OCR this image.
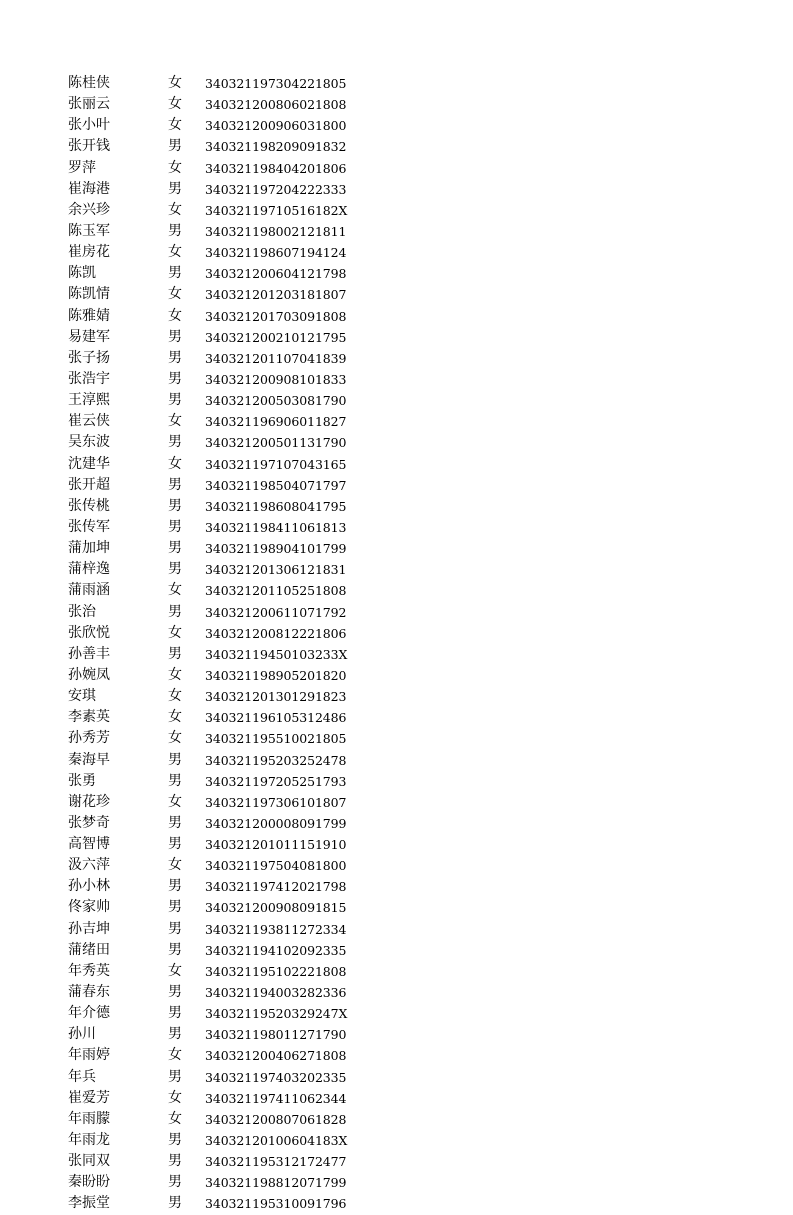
陈桂侠	女 340321197304221805
张丽云	女 340321200806021808
张小叶	女 340321200906031800
张开钱	男 340321198209091832
罗萍	女 340321198404201806
崔海港	男 340321197204222333
余兴珍	女 34032119710516182X
陈玉军	男 340321198002121811
崔房花	女 340321198607194124
陈凯	男 340321200604121798
陈凯情	女 340321201203181807
陈雅婧	女 340321201703091808
易建军	男 340321200210121795
张子扬	男 340321201107041839
张浩宇	男 340321200908101833
王淳熙	男 340321200503081790
崔云侠	女 340321196906011827
吴东波	男 340321200501131790
沈建华	女 340321197107043165
张开超	男 340321198504071797
张传桃	男 340321198608041795
张传军	男 340321198411061813
蒲加坤	男 340321198904101799
蒲梓逸	男 340321201306121831
蒲雨涵	女 340321201105251808
张治	男 340321200611071792
张欣悦	女 340321200812221806
孙善丰	男 34032119450103233X
孙婉凤	女 340321198905201820
安琪	女 340321201301291823
李素英	女 340321196105312486
孙秀芳	女 340321195510021805
秦海早	男 340321195203252478
张勇	男 340321197205251793
谢花珍	女 340321197306101807
张梦奇	男 340321200008091799
高智博	男 340321201011151910
汲六萍	女 340321197504081800
孙小林	男 340321197412021798
佟家帅	男 340321200908091815
孙吉坤	男 340321193811272334
蒲绪田	男 340321194102092335
年秀英	女 340321195102221808
蒲春东	男 340321194003282336
年介德	男 34032119520329247X
孙川	男 340321198011271790
年雨婷	女 340321200406271808
年兵	男 340321197403202335
崔爱芳	女 340321197411062344
年雨朦	女 340321200807061828
年雨龙	男 34032120100604183X
张同双	男 340321195312172477
秦盼盼	男 340321198812071799
李振堂	男 340321195310091796
